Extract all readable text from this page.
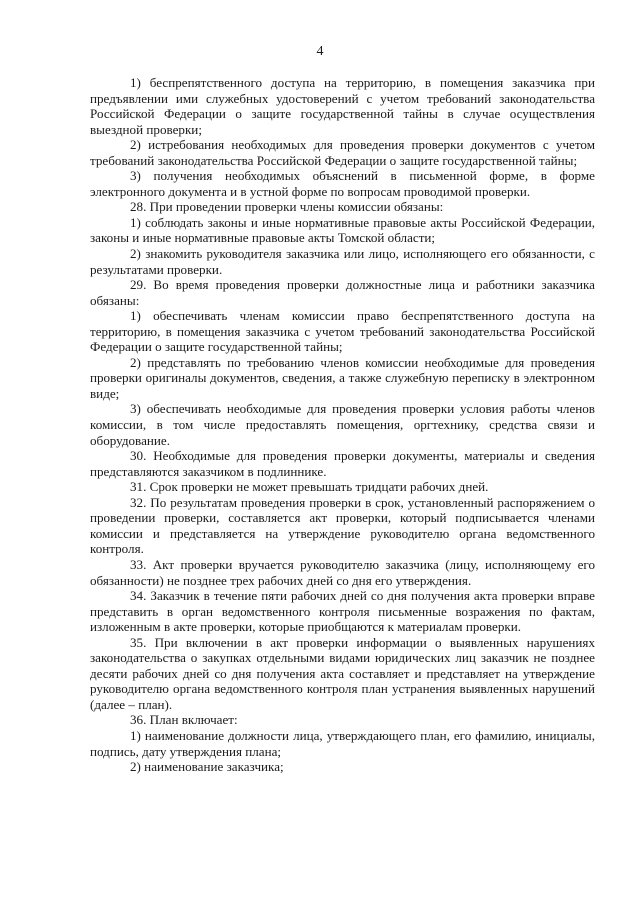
4

1) беспрепятственного доступа на территорию, в помещения заказчика при предъявлении ими служебных удостоверений с учетом требований законодательства Российской Федерации о защите государственной тайны в случае осуществления выездной проверки;

2) истребования необходимых для проведения проверки документов с учетом требований законодательства Российской Федерации о защите государственной тайны;

3) получения необходимых объяснений в письменной форме, в форме электронного документа и в устной форме по вопросам проводимой проверки.

28. При проведении проверки члены комиссии обязаны:

1) соблюдать законы и иные нормативные правовые акты Российской Федерации, законы и иные нормативные правовые акты Томской области;

2) знакомить руководителя заказчика или лицо, исполняющего его обязанности, с результатами проверки.

29. Во время проведения проверки должностные лица и работники заказчика обязаны:

1) обеспечивать членам комиссии право беспрепятственного доступа на территорию, в помещения заказчика с учетом требований законодательства Российской Федерации о защите государственной тайны;

2) представлять по требованию членов комиссии необходимые для проведения проверки оригиналы документов, сведения, а также служебную переписку в электронном виде;

3) обеспечивать необходимые для проведения проверки условия работы членов комиссии, в том числе предоставлять помещения, оргтехнику, средства связи и оборудование.

30. Необходимые для проведения проверки документы, материалы и сведения представляются заказчиком в подлиннике.

31. Срок проверки не может превышать тридцати рабочих дней.

32. По результатам проведения проверки в срок, установленный распоряжением о проведении проверки, составляется акт проверки, который подписывается членами комиссии и представляется на утверждение руководителю органа ведомственного контроля.

33. Акт проверки вручается руководителю заказчика (лицу, исполняющему его обязанности) не позднее трех рабочих дней со дня его утверждения.

34. Заказчик в течение пяти рабочих дней со дня получения акта проверки вправе представить в орган ведомственного контроля письменные возражения по фактам, изложенным в акте проверки, которые приобщаются к материалам проверки.

35. При включении в акт проверки информации о выявленных нарушениях законодательства о закупках отдельными видами юридических лиц заказчик не позднее десяти рабочих дней со дня получения акта составляет и представляет на утверждение руководителю органа ведомственного контроля план устранения выявленных нарушений (далее – план).

36. План включает:

1) наименование должности лица, утверждающего план, его фамилию, инициалы, подпись, дату утверждения плана;

2) наименование заказчика;
